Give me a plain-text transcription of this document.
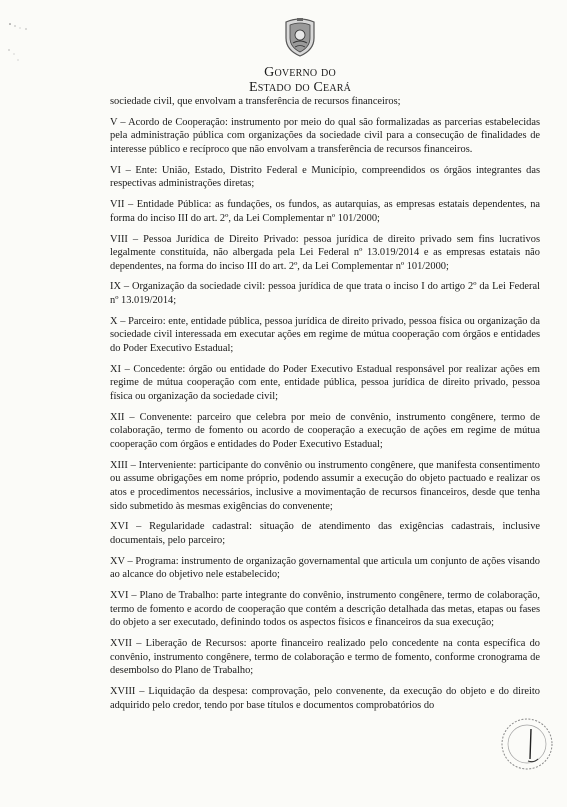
Governo do
Estado do Ceará

sociedade civil, que envolvam a transferência de recursos financeiros;

V – Acordo de Cooperação: instrumento por meio do qual são formalizadas as parcerias estabelecidas pela administração pública com organizações da sociedade civil para a consecução de finalidades de interesse público e recíproco que não envolvam a transferência de recursos financeiros.

VI – Ente: União, Estado, Distrito Federal e Município, compreendidos os órgãos integrantes das respectivas administrações diretas;

VII – Entidade Pública: as fundações, os fundos, as autarquias, as empresas estatais dependentes, na forma do inciso III do art. 2º, da Lei Complementar nº 101/2000;

VIII – Pessoa Jurídica de Direito Privado: pessoa jurídica de direito privado sem fins lucrativos legalmente constituída, não albergada pela Lei Federal nº 13.019/2014 e as empresas estatais não dependentes, na forma do inciso III do art. 2º, da Lei Complementar nº 101/2000;

IX – Organização da sociedade civil: pessoa jurídica de que trata o inciso I do artigo 2º da Lei Federal nº 13.019/2014;

X – Parceiro: ente, entidade pública, pessoa jurídica de direito privado, pessoa física ou organização da sociedade civil interessada em executar ações em regime de mútua cooperação com órgãos e entidades do Poder Executivo Estadual;

XI – Concedente: órgão ou entidade do Poder Executivo Estadual responsável por realizar ações em regime de mútua cooperação com ente, entidade pública, pessoa jurídica de direito privado, pessoa física ou organização da sociedade civil;

XII – Convenente: parceiro que celebra por meio de convênio, instrumento congênere, termo de colaboração, termo de fomento ou acordo de cooperação a execução de ações em regime de mútua cooperação com órgãos e entidades do Poder Executivo Estadual;

XIII – Interveniente: participante do convênio ou instrumento congênere, que manifesta consentimento ou assume obrigações em nome próprio, podendo assumir a execução do objeto pactuado e realizar os atos e procedimentos necessários, inclusive a movimentação de recursos financeiros, desde que tenha sido submetido às mesmas exigências do convenente;

XVI – Regularidade cadastral: situação de atendimento das exigências cadastrais, inclusive documentais, pelo parceiro;

XV – Programa: instrumento de organização governamental que articula um conjunto de ações visando ao alcance do objetivo nele estabelecido;

XVI – Plano de Trabalho: parte integrante do convênio, instrumento congênere, termo de colaboração, termo de fomento e acordo de cooperação que contém a descrição detalhada das metas, etapas ou fases do objeto a ser executado, definindo todos os aspectos físicos e financeiros da sua execução;

XVII – Liberação de Recursos: aporte financeiro realizado pelo concedente na conta específica do convênio, instrumento congênere, termo de colaboração e termo de fomento, conforme cronograma de desembolso do Plano de Trabalho;

XVIII – Liquidação da despesa: comprovação, pelo convenente, da execução do objeto e do direito adquirido pelo credor, tendo por base títulos e documentos comprobatórios do
